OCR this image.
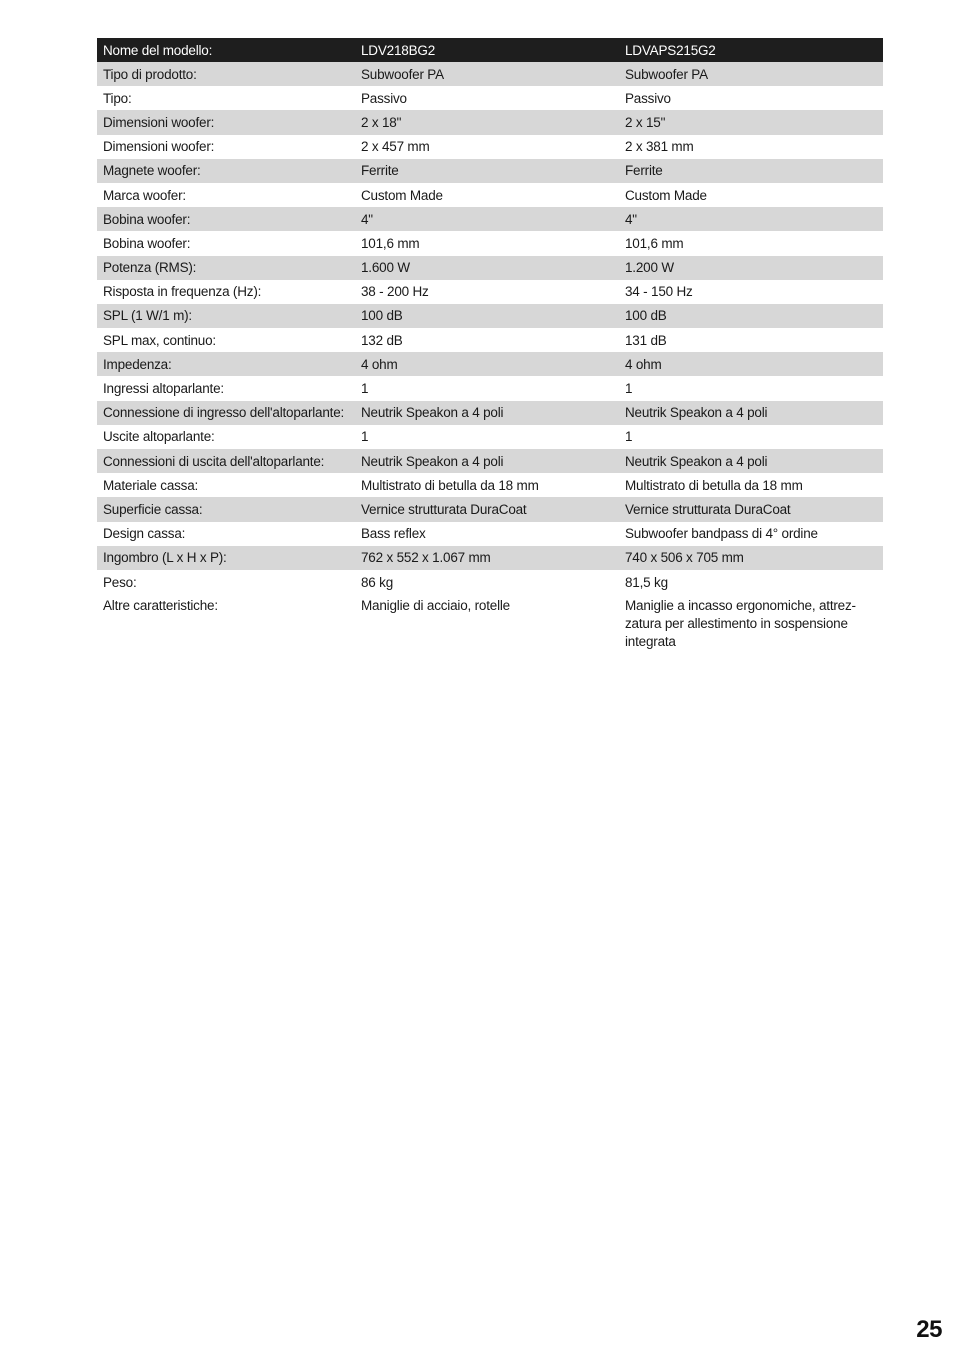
Nome del modello:	LDV218BG2	LDVAPS215G2
Tipo di prodotto:	Subwoofer PA	Subwoofer PA
Tipo:	Passivo	Passivo
Dimensioni woofer:	2 x 18"	2 x 15"
Dimensioni woofer:	2 x 457 mm	2 x 381 mm
Magnete woofer:	Ferrite	Ferrite
Marca woofer:	Custom Made	Custom Made
Bobina woofer:	4"	4"
Bobina woofer:	101,6 mm	101,6 mm
Potenza (RMS):	1.600 W	1.200 W
Risposta in frequenza (Hz):	38 - 200 Hz	34 - 150 Hz
SPL (1 W/1 m):	100 dB	100 dB
SPL max, continuo:	132 dB	131 dB
Impedenza:	4 ohm	4 ohm
Ingressi altoparlante:	1	1
Connessione di ingresso dell'altoparlante:	Neutrik Speakon a 4 poli	Neutrik Speakon a 4 poli
Uscite altoparlante:	1	1
Connessioni di uscita dell'altoparlante:	Neutrik Speakon a 4 poli	Neutrik Speakon a 4 poli
Materiale cassa:	Multistrato di betulla da 18 mm	Multistrato di betulla da 18 mm
Superficie cassa:	Vernice strutturata DuraCoat	Vernice strutturata DuraCoat
Design cassa:	Bass reflex	Subwoofer bandpass di 4° ordine
Ingombro (L x H x P):	762 x 552 x 1.067 mm	740 x 506 x 705 mm
Peso:	86 kg	81,5 kg
Altre caratteristiche:	Maniglie di acciaio, rotelle	Maniglie a incasso ergonomiche, attrez-
zatura per allestimento in sospensione
integrata
25
